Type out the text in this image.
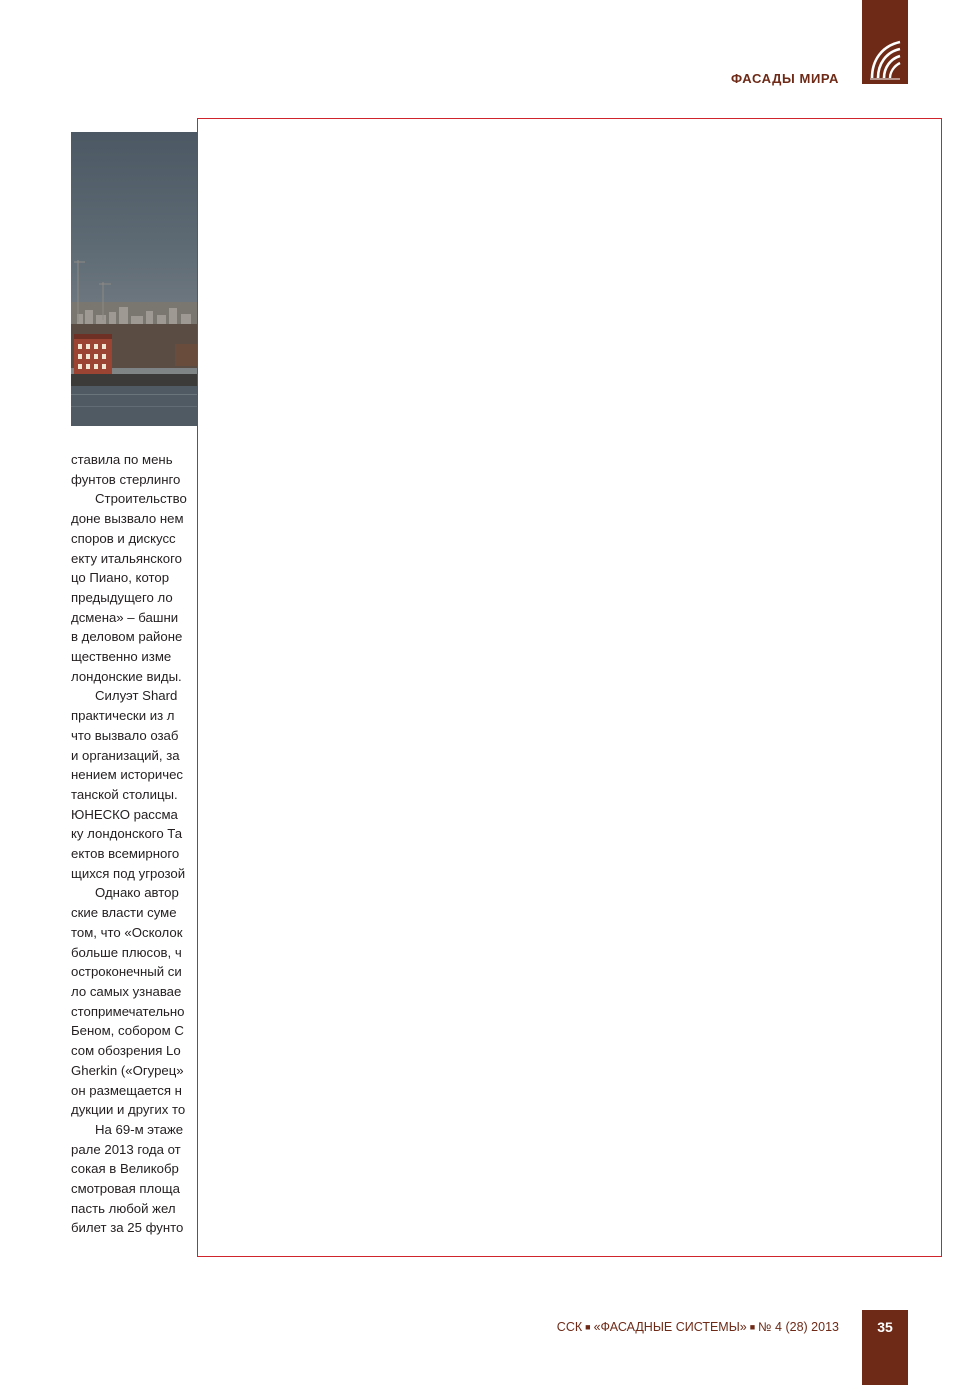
ФАСАДЫ МИРА

ставила по мень

фунтов стерлинго

Строительство

доне вызвало нем

споров и дискусс

екту итальянского

цо Пиано, котор

предыдущего ло

дсмена» – башни

в деловом районе

щественно изме

лондонские виды.

Силуэт Shard

практически из л

что вызвало озаб

и организаций, за

нением историчес

танской столицы.

ЮНЕСКО рассма

ку лондонского Та

ектов всемирного

щихся под угрозой

Однако автор

ские власти суме

том, что «Осколок

больше плюсов, ч

остроконечный си

ло самых узнавае

стопримечательно

Беном, собором С

сом обозрения Lo

Gherkin («Огурец»

он размещается н

дукции и других то

На 69-м этаже

рале 2013 года от

сокая в Великобр

смотровая площа

пасть любой жел

билет за 25 фунто

ССК ■ «ФАСАДНЫЕ СИСТЕМЫ» ■ № 4 (28) 2013	35
